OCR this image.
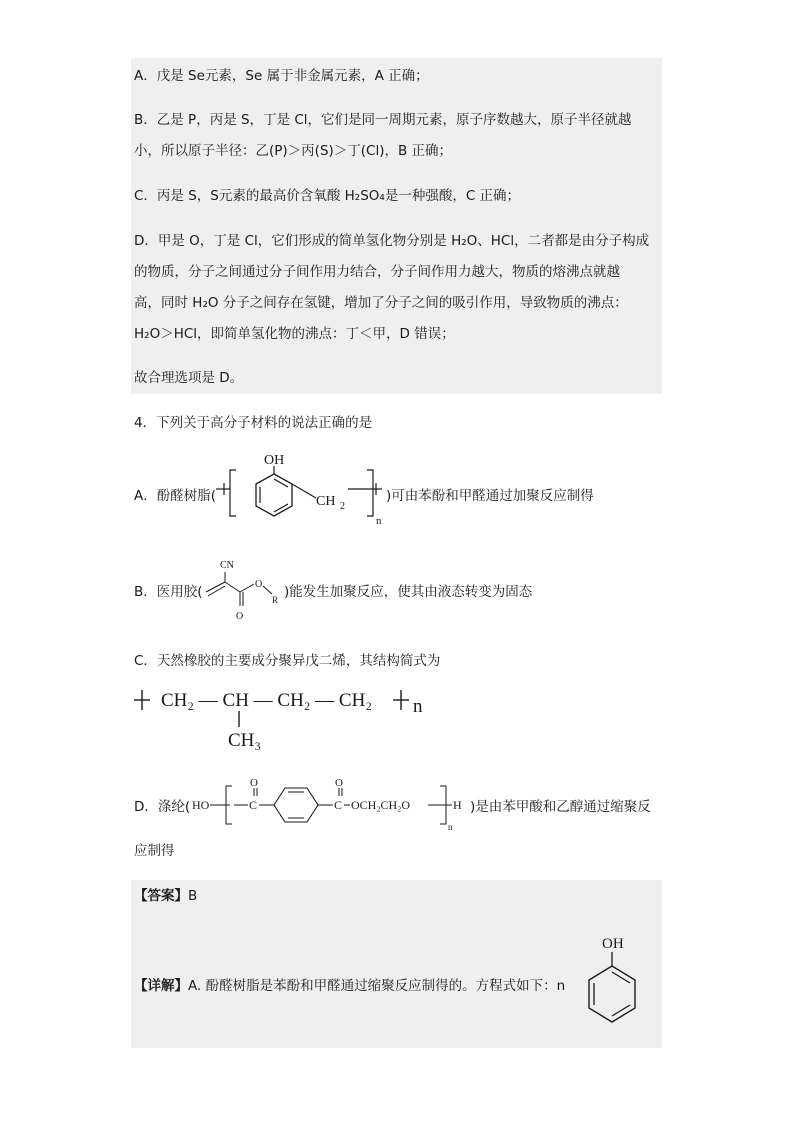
A．戊是 Se元素，Se 属于非金属元素，A 正确；
B．乙是 P，丙是 S，丁是 Cl，它们是同一周期元素，原子序数越大，原子半径就越
小，所以原子半径：乙(P)＞丙(S)＞丁(Cl)，B 正确；
C．丙是 S，S元素的最高价含氧酸 H₂SO₄是一种强酸，C 正确；
D．甲是 O，丁是 Cl，它们形成的简单氢化物分别是 H₂O、HCl，二者都是由分子构成
的物质，分子之间通过分子间作用力结合，分子间作用力越大，物质的熔沸点就越
高，同时 H₂O 分子之间存在氢键，增加了分子之间的吸引作用，导致物质的沸点：
H₂O＞HCl，即简单氢化物的沸点：丁＜甲，D 错误；
故合理选项是 D。
4．下列关于高分子材料的说法正确的是
A．酚醛树脂(
OH
CH 2
n
)可由苯酚和甲醛通过加聚反应制得
B．医用胶(
CN
O
O
R )能发生加聚反应，使其由液态转变为固态
C．天然橡胶的主要成分聚异戊二烯，其结构简式为
CH₂ — CH — CH₂ — CH₂ n
CH₃
D．涤纶( HO	C
O
C
O
OCH₂CH₂O	H
n
)是由苯甲酸和乙醇通过缩聚反
应制得
【答案】B
【详解】A. 酚醛树脂是苯酚和甲醛通过缩聚反应制得的。方程式如下：n
OH
